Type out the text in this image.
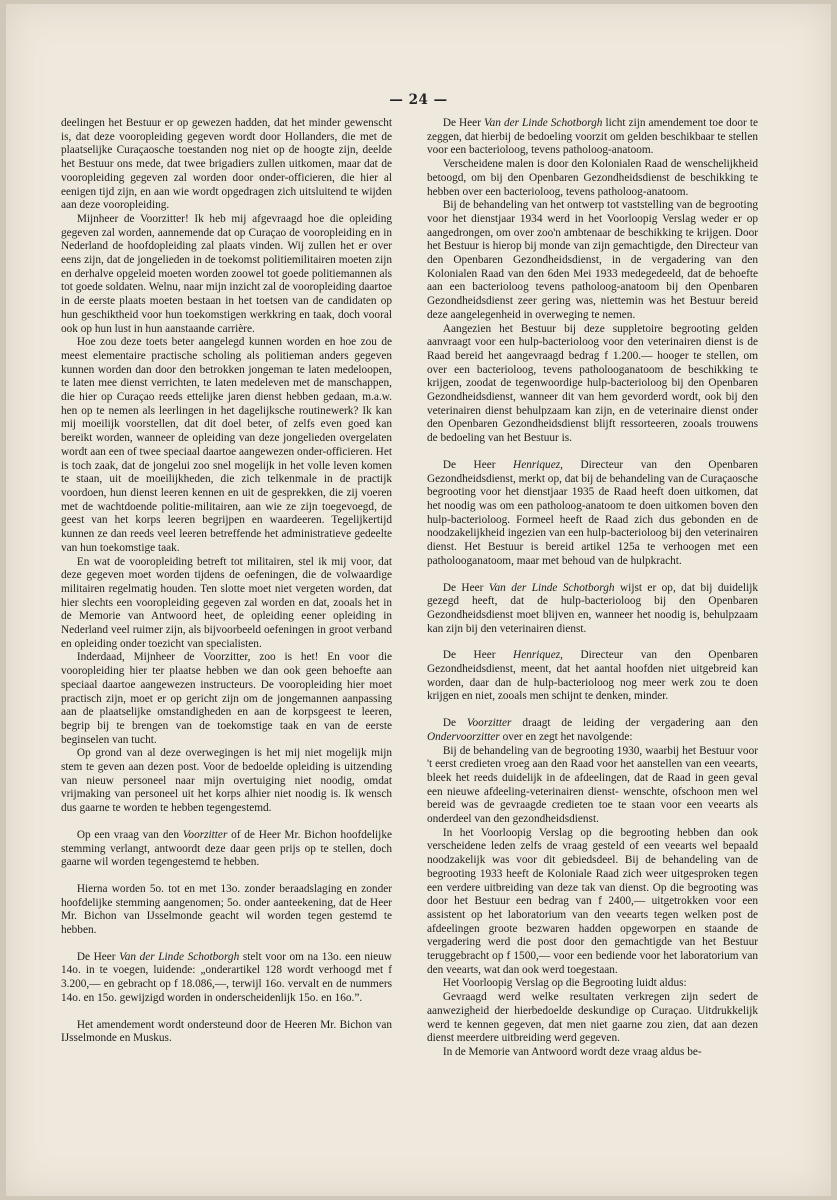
— 24 —

deelingen het Bestuur er op gewezen hadden, dat het minder gewenscht is, dat deze vooropleiding gegeven wordt door Hollanders, die met de plaatselijke Curaçaosche toestanden nog niet op de hoogte zijn, deelde het Bestuur ons mede, dat twee brigadiers zullen uitkomen, maar dat de vooropleiding gegeven zal worden door onder-officieren, die hier al eenigen tijd zijn, en aan wie wordt opgedragen zich uitsluitend te wijden aan deze vooropleiding.

Mijnheer de Voorzitter! Ik heb mij afgevraagd hoe die opleiding gegeven zal worden, aannemende dat op Curaçao de vooropleiding en in Nederland de hoofdopleiding zal plaats vinden. Wij zullen het er over eens zijn, dat de jongelieden in de toekomst politiemilitairen moeten zijn en derhalve opgeleid moeten worden zoowel tot goede politiemannen als tot goede soldaten. Welnu, naar mijn inzicht zal de vooropleiding daartoe in de eerste plaats moeten bestaan in het toetsen van de candidaten op hun geschiktheid voor hun toekomstigen werkkring en taak, doch vooral ook op hun lust in hun aanstaande carrière.

Hoe zou deze toets beter aangelegd kunnen worden en hoe zou de meest elementaire practische scholing als politieman anders gegeven kunnen worden dan door den betrokken jongeman te laten medeloopen, te laten mee dienst verrichten, te laten medeleven met de manschappen, die hier op Curaçao reeds ettelijke jaren dienst hebben gedaan, m.a.w. hen op te nemen als leerlingen in het dagelijksche routinewerk? Ik kan mij moeilijk voorstellen, dat dit doel beter, of zelfs even goed kan bereikt worden, wanneer de opleiding van deze jongelieden overgelaten wordt aan een of twee speciaal daartoe aangewezen onder-officieren. Het is toch zaak, dat de jongelui zoo snel mogelijk in het volle leven komen te staan, uit de moeilijkheden, die zich telkenmale in de practijk voordoen, hun dienst leeren kennen en uit de gesprekken, die zij voeren met de wachtdoende politie-militairen, aan wie ze zijn toegevoegd, de geest van het korps leeren begrijpen en waardeeren. Tegelijkertijd kunnen ze dan reeds veel leeren betreffende het administratieve gedeelte van hun toekomstige taak.

En wat de vooropleiding betreft tot militairen, stel ik mij voor, dat deze gegeven moet worden tijdens de oefeningen, die de volwaardige militairen regelmatig houden. Ten slotte moet niet vergeten worden, dat hier slechts een vooropleiding gegeven zal worden en dat, zooals het in de Memorie van Antwoord heet, de opleiding eener opleiding in Nederland veel ruimer zijn, als bijvoorbeeld oefeningen in groot verband en opleiding onder toezicht van specialisten.

Inderdaad, Mijnheer de Voorzitter, zoo is het! En voor die vooropleiding hier ter plaatse hebben we dan ook geen behoefte aan speciaal daartoe aangewezen instructeurs. De vooropleiding hier moet practisch zijn, moet er op gericht zijn om de jongemannen aanpassing aan de plaatselijke omstandigheden en aan de korpsgeest te leeren, begrip bij te brengen van de toekomstige taak en van de eerste beginselen van tucht.

Op grond van al deze overwegingen is het mij niet mogelijk mijn stem te geven aan dezen post. Voor de bedoelde opleiding is uitzending van nieuw personeel naar mijn overtuiging niet noodig, omdat vrijmaking van personeel uit het korps alhier niet noodig is. Ik wensch dus gaarne te worden te hebben tegengestemd.

Op een vraag van den Voorzitter of de Heer Mr. Bichon hoofdelijke stemming verlangt, antwoordt deze daar geen prijs op te stellen, doch gaarne wil worden tegengestemd te hebben.

Hierna worden 5o. tot en met 13o. zonder beraadslaging en zonder hoofdelijke stemming aangenomen; 5o. onder aanteekening, dat de Heer Mr. Bichon van IJsselmonde geacht wil worden tegen gestemd te hebben.

De Heer Van der Linde Schotborgh stelt voor om na 13o. een nieuw 14o. in te voegen, luidende: „onderartikel 128 wordt verhoogd met f 3.200,— en gebracht op f 18.086,—, terwijl 16o. vervalt en de nummers 14o. en 15o. gewijzigd worden in onderscheidenlijk 15o. en 16o.”.

Het amendement wordt ondersteund door de Heeren Mr. Bichon van IJsselmonde en Muskus.

De Heer Van der Linde Schotborgh licht zijn amendement toe door te zeggen, dat hierbij de bedoeling voorzit om gelden beschikbaar te stellen voor een bacterioloog, tevens patholoog-anatoom.

Verscheidene malen is door den Kolonialen Raad de wenschelijkheid betoogd, om bij den Openbaren Gezondheidsdienst de beschikking te hebben over een bacterioloog, tevens patholoog-anatoom.

Bij de behandeling van het ontwerp tot vaststelling van de begrooting voor het dienstjaar 1934 werd in het Voorloopig Verslag weder er op aangedrongen, om over zoo'n ambtenaar de beschikking te krijgen. Door het Bestuur is hierop bij monde van zijn gemachtigde, den Directeur van den Openbaren Gezondheidsdienst, in de vergadering van den Kolonialen Raad van den 6den Mei 1933 medegedeeld, dat de behoefte aan een bacterioloog tevens patholoog-anatoom bij den Openbaren Gezondheidsdienst zeer gering was, niettemin was het Bestuur bereid deze aangelegenheid in overweging te nemen.

Aangezien het Bestuur bij deze suppletoire begrooting gelden aanvraagt voor een hulp-bacterioloog voor den veterinairen dienst is de Raad bereid het aangevraagd bedrag f 1.200.— hooger te stellen, om over een bacterioloog, tevens patholooganatoom de beschikking te krijgen, zoodat de tegenwoordige hulp-bacterioloog bij den Openbaren Gezondheidsdienst, wanneer dit van hem gevorderd wordt, ook bij den veterinairen dienst behulpzaam kan zijn, en de veterinaire dienst onder den Openbaren Gezondheidsdienst blijft ressorteeren, zooals trouwens de bedoeling van het Bestuur is.

De Heer Henriquez, Directeur van den Openbaren Gezondheidsdienst, merkt op, dat bij de behandeling van de Curaçaosche begrooting voor het dienstjaar 1935 de Raad heeft doen uitkomen, dat het noodig was om een patholoog-anatoom te doen uitkomen boven den hulp-bacterioloog. Formeel heeft de Raad zich dus gebonden en de noodzakelijkheid ingezien van een hulp-bacterioloog bij den veterinairen dienst. Het Bestuur is bereid artikel 125a te verhoogen met een patholooganatoom, maar met behoud van de hulpkracht.

De Heer Van der Linde Schotborgh wijst er op, dat bij duidelijk gezegd heeft, dat de hulp-bacterioloog bij den Openbaren Gezondheidsdienst moet blijven en, wanneer het noodig is, behulpzaam kan zijn bij den veterinairen dienst.

De Heer Henriquez, Directeur van den Openbaren Gezondheidsdienst, meent, dat het aantal hoofden niet uitgebreid kan worden, daar dan de hulp-bacterioloog nog meer werk zou te doen krijgen en niet, zooals men schijnt te denken, minder.

De Voorzitter draagt de leiding der vergadering aan den Ondervoorzitter over en zegt het navolgende:

Bij de behandeling van de begrooting 1930, waarbij het Bestuur voor 't eerst credieten vroeg aan den Raad voor het aanstellen van een veearts, bleek het reeds duidelijk in de afdeelingen, dat de Raad in geen geval een nieuwe afdeeling-veterinairen dienst- wenschte, ofschoon men wel bereid was de gevraagde credieten toe te staan voor een veearts als onderdeel van den gezondheidsdienst.

In het Voorloopig Verslag op die begrooting hebben dan ook verscheidene leden zelfs de vraag gesteld of een veearts wel bepaald noodzakelijk was voor dit gebiedsdeel. Bij de behandeling van de begrooting 1933 heeft de Koloniale Raad zich weer uitgesproken tegen een verdere uitbreiding van deze tak van dienst. Op die begrooting was door het Bestuur een bedrag van f 2400,— uitgetrokken voor een assistent op het laboratorium van den veearts tegen welken post de afdeelingen groote bezwaren hadden opgeworpen en staande de vergadering werd die post door den gemachtigde van het Bestuur teruggebracht op f 1500,— voor een bediende voor het laboratorium van den veearts, wat dan ook werd toegestaan.

Het Voorloopig Verslag op die Begrooting luidt aldus:

Gevraagd werd welke resultaten verkregen zijn sedert de aanwezigheid der hierbedoelde deskundige op Curaçao. Uitdrukkelijk werd te kennen gegeven, dat men niet gaarne zou zien, dat aan dezen dienst meerdere uitbreiding werd gegeven.

In de Memorie van Antwoord wordt deze vraag aldus be-
